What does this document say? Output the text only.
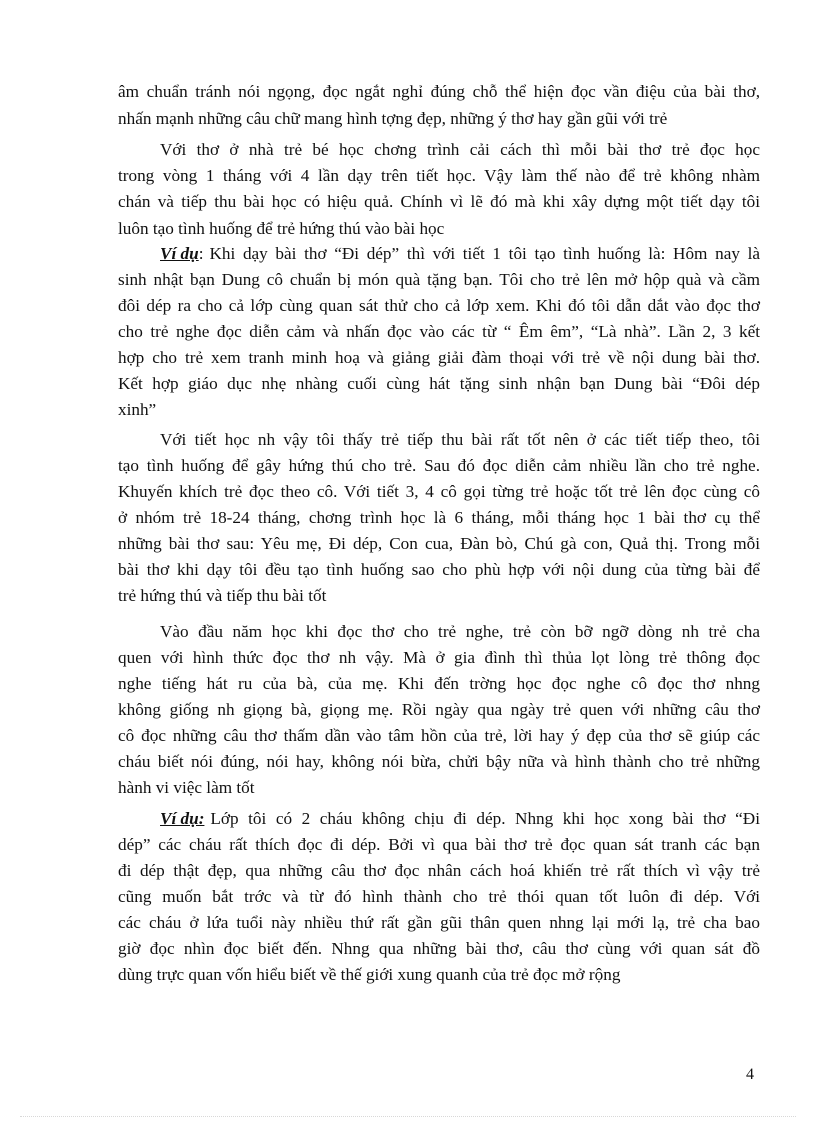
âm chuẩn tránh nói ngọng, đọc ngắt nghỉ đúng chỗ thể hiện đọc vần điệu của bài thơ,
nhấn mạnh những câu chữ mang hình tợng đẹp, những ý thơ hay gần gũi với trẻ
Với thơ ở nhà trẻ bé học chơng trình cải cách thì mỗi bài thơ trẻ đọc học
trong vòng 1 tháng với 4 lần dạy trên tiết học. Vậy làm thế nào để trẻ không nhàm
chán và tiếp thu bài học có hiệu quả. Chính vì lẽ đó mà khi xây dựng một tiết dạy tôi
luôn tạo tình huống để trẻ hứng thú vào bài học
Ví dụ : Khi dạy bài thơ “Đi dép” thì với tiết 1 tôi tạo tình huống là: Hôm nay là
sinh nhật bạn Dung cô chuẩn bị món quà tặng bạn. Tôi cho trẻ lên mở hộp quà và cầm
đôi dép ra cho cả lớp cùng quan sát thử cho cả lớp xem. Khi đó tôi dẫn dắt vào đọc thơ
cho trẻ nghe đọc diễn cảm và nhấn đọc vào các từ “ Êm êm”, “Là nhà”. Lần 2, 3 kết
hợp cho trẻ xem tranh minh hoạ và giảng giải đàm thoại với trẻ về nội dung bài thơ.
Kết hợp giáo dục nhẹ nhàng cuối cùng hát tặng sinh nhận bạn Dung bài “Đôi dép
xinh”
Với tiết học nh vậy tôi thấy trẻ tiếp thu bài rất tốt nên ở các tiết tiếp theo, tôi
tạo tình huống để gây hứng thú cho trẻ. Sau đó đọc diễn cảm nhiều lần cho trẻ nghe.
Khuyến khích trẻ đọc theo cô. Với tiết 3, 4 cô gọi từng trẻ hoặc tốt trẻ lên đọc cùng cô
ở nhóm trẻ 18-24 tháng, chơng trình học là 6 tháng, mỗi tháng học 1 bài thơ cụ thể
những bài thơ sau: Yêu mẹ, Đi dép, Con cua, Đàn bò, Chú gà con, Quả thị. Trong mỗi
bài thơ khi dạy tôi đều tạo tình huống sao cho phù hợp với nội dung của từng bài để
trẻ hứng thú và tiếp thu bài tốt
Vào đầu năm học khi đọc thơ cho trẻ nghe, trẻ còn bỡ ngỡ dòng nh trẻ cha
quen với hình thức đọc thơ nh vậy. Mà ở gia đình thì thủa lọt lòng trẻ thông đọc
nghe tiếng hát ru của bà, của mẹ. Khi đến trờng học đọc nghe cô đọc thơ nhng
không giống nh giọng bà, giọng mẹ. Rồi ngày qua ngày trẻ quen với những câu thơ
cô đọc những câu thơ thấm dần vào tâm hồn của trẻ, lời hay ý đẹp của thơ sẽ giúp các
cháu biết nói đúng, nói hay, không nói bừa, chửi bậy nữa và hình thành cho trẻ những
hành vi việc làm tốt
Ví dụ: Lớp tôi có 2 cháu không chịu đi dép. Nhng khi học xong bài thơ “Đi
dép” các cháu rất thích đọc đi dép. Bởi vì qua bài thơ trẻ đọc quan sát tranh các bạn
đi dép thật đẹp, qua những câu thơ đọc nhân cách hoá khiến trẻ rất thích vì vậy trẻ
cũng muốn bắt trớc và từ đó hình thành cho trẻ thói quan tốt luôn đi dép. Với
các cháu ở lứa tuổi này nhiều thứ rất gần gũi thân quen nhng lại mới lạ, trẻ cha bao
giờ đọc nhìn đọc biết đến. Nhng qua những bài thơ, câu thơ cùng với quan sát đồ
dùng trực quan vốn hiểu biết về thế giới xung quanh của trẻ đọc mở rộng
4
